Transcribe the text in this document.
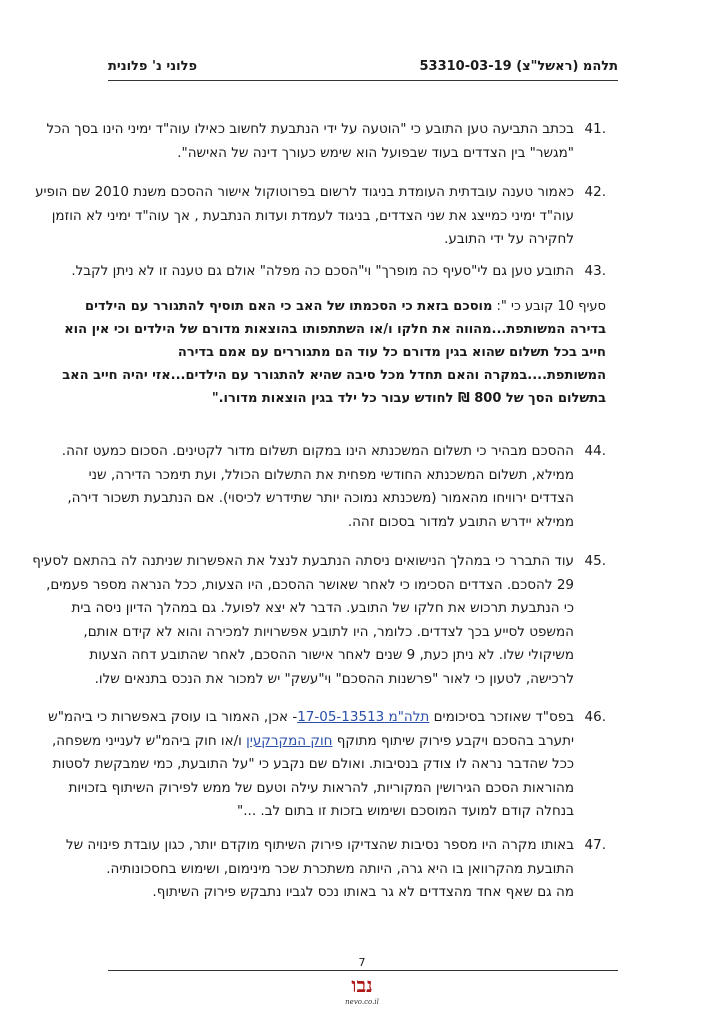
תלהמ (ראשל"צ) 53310-03-19
פלוני נ' פלונית
41.
בכתב התביעה טען התובע כי "הוטעה על ידי הנתבעת לחשוב כאילו עוה"ד ימיני הינו בסך הכל
"מגשר" בין הצדדים בעוד שבפועל הוא שימש כעורך דינה של האישה".
42.
כאמור טענה עובדתית העומדת בניגוד לרשום בפרוטוקול אישור ההסכם משנת 2010 שם הופיע
עוה"ד ימיני כמייצג את שני הצדדים, בניגוד לעמדת ועדות הנתבעת , אך עוה"ד ימיני לא הוזמן
לחקירה על ידי התובע.
43.
התובע טען גם לי"סעיף כה מופרך" וי"הסכם כה מפלה" אולם גם טענה זו לא ניתן לקבל.
סעיף 10 קובע כי ": מוסכם בזאת כי הסכמתו של האב כי האם תוסיף להתגורר עם הילדים
בדירה המשותפת...מהווה את חלקו ו/או השתתפותו בהוצאות מדורם של הילדים וכי אין הוא
חייב בכל תשלום שהוא בגין מדורם כל עוד הם מתגוררים עם אמם בדירה
המשותפת....במקרה והאם תחדל מכל סיבה שהיא להתגורר עם הילדים...אזי יהיה חייב האב
בתשלום הסך של 800 ₪ לחודש עבור כל ילד בגין הוצאות מדורו."
44.
ההסכם מבהיר כי תשלום המשכנתא הינו במקום תשלום מדור לקטינים. הסכום כמעט זהה.
ממילא, תשלום המשכנתא החודשי מפחית את התשלום הכולל, ועת תימכר הדירה, שני
הצדדים ירוויחו מהאמור (משכנתא נמוכה יותר שתידרש לכיסוי). אם הנתבעת תשכור דירה,
ממילא יידרש התובע למדור בסכום זהה.
45.
עוד התברר כי במהלך הנישואים ניסתה הנתבעת לנצל את האפשרות שניתנה לה בהתאם לסעיף
29 להסכם. הצדדים הסכימו כי לאחר שאושר ההסכם, היו הצעות, ככל הנראה מספר פעמים,
כי הנתבעת תרכוש את חלקו של התובע. הדבר לא יצא לפועל. גם במהלך הדיון ניסה בית
המשפט לסייע בכך לצדדים. כלומר, היו לתובע אפשרויות למכירה והוא לא קידם אותם,
משיקולי שלו. לא ניתן כעת, 9 שנים לאחר אישור ההסכם, לאחר שהתובע דחה הצעות
לרכישה, לטעון כי לאור "פרשנות ההסכם" וי"עשק" יש למכור את הנכס בתנאים שלו.
46.
בפס"ד שאוזכר בסיכומים תלה"מ 17-05-13513- אכן, האמור בו עוסק באפשרות כי ביהמ"ש
יתערב בהסכם ויקבע פירוק שיתוף מתוקף חוק המקרקעין ו/או חוק ביהמ"ש לענייני משפחה,
ככל שהדבר נראה לו צודק בנסיבות. ואולם שם נקבע כי "על התובעת, כמי שמבקשת לסטות
מהוראות הסכם הגירושין המקוריות, להראות עילה וטעם של ממש לפירוק השיתוף בזכויות
בנחלה קודם למועד המוסכם ושימוש בזכות זו בתום לב. ..."
47.
באותו מקרה היו מספר נסיבות שהצדיקו פירוק השיתוף מוקדם יותר, כגון עובדת פינויה של
התובעת מהקרוואן בו היא גרה, היותה משתכרת שכר מינימום, ושימוש בחסכונותיה.
מה גם שאף אחד מהצדדים לא גר באותו נכס לגביו נתבקש פירוק השיתוף.
7
נבו
nevo.co.il
